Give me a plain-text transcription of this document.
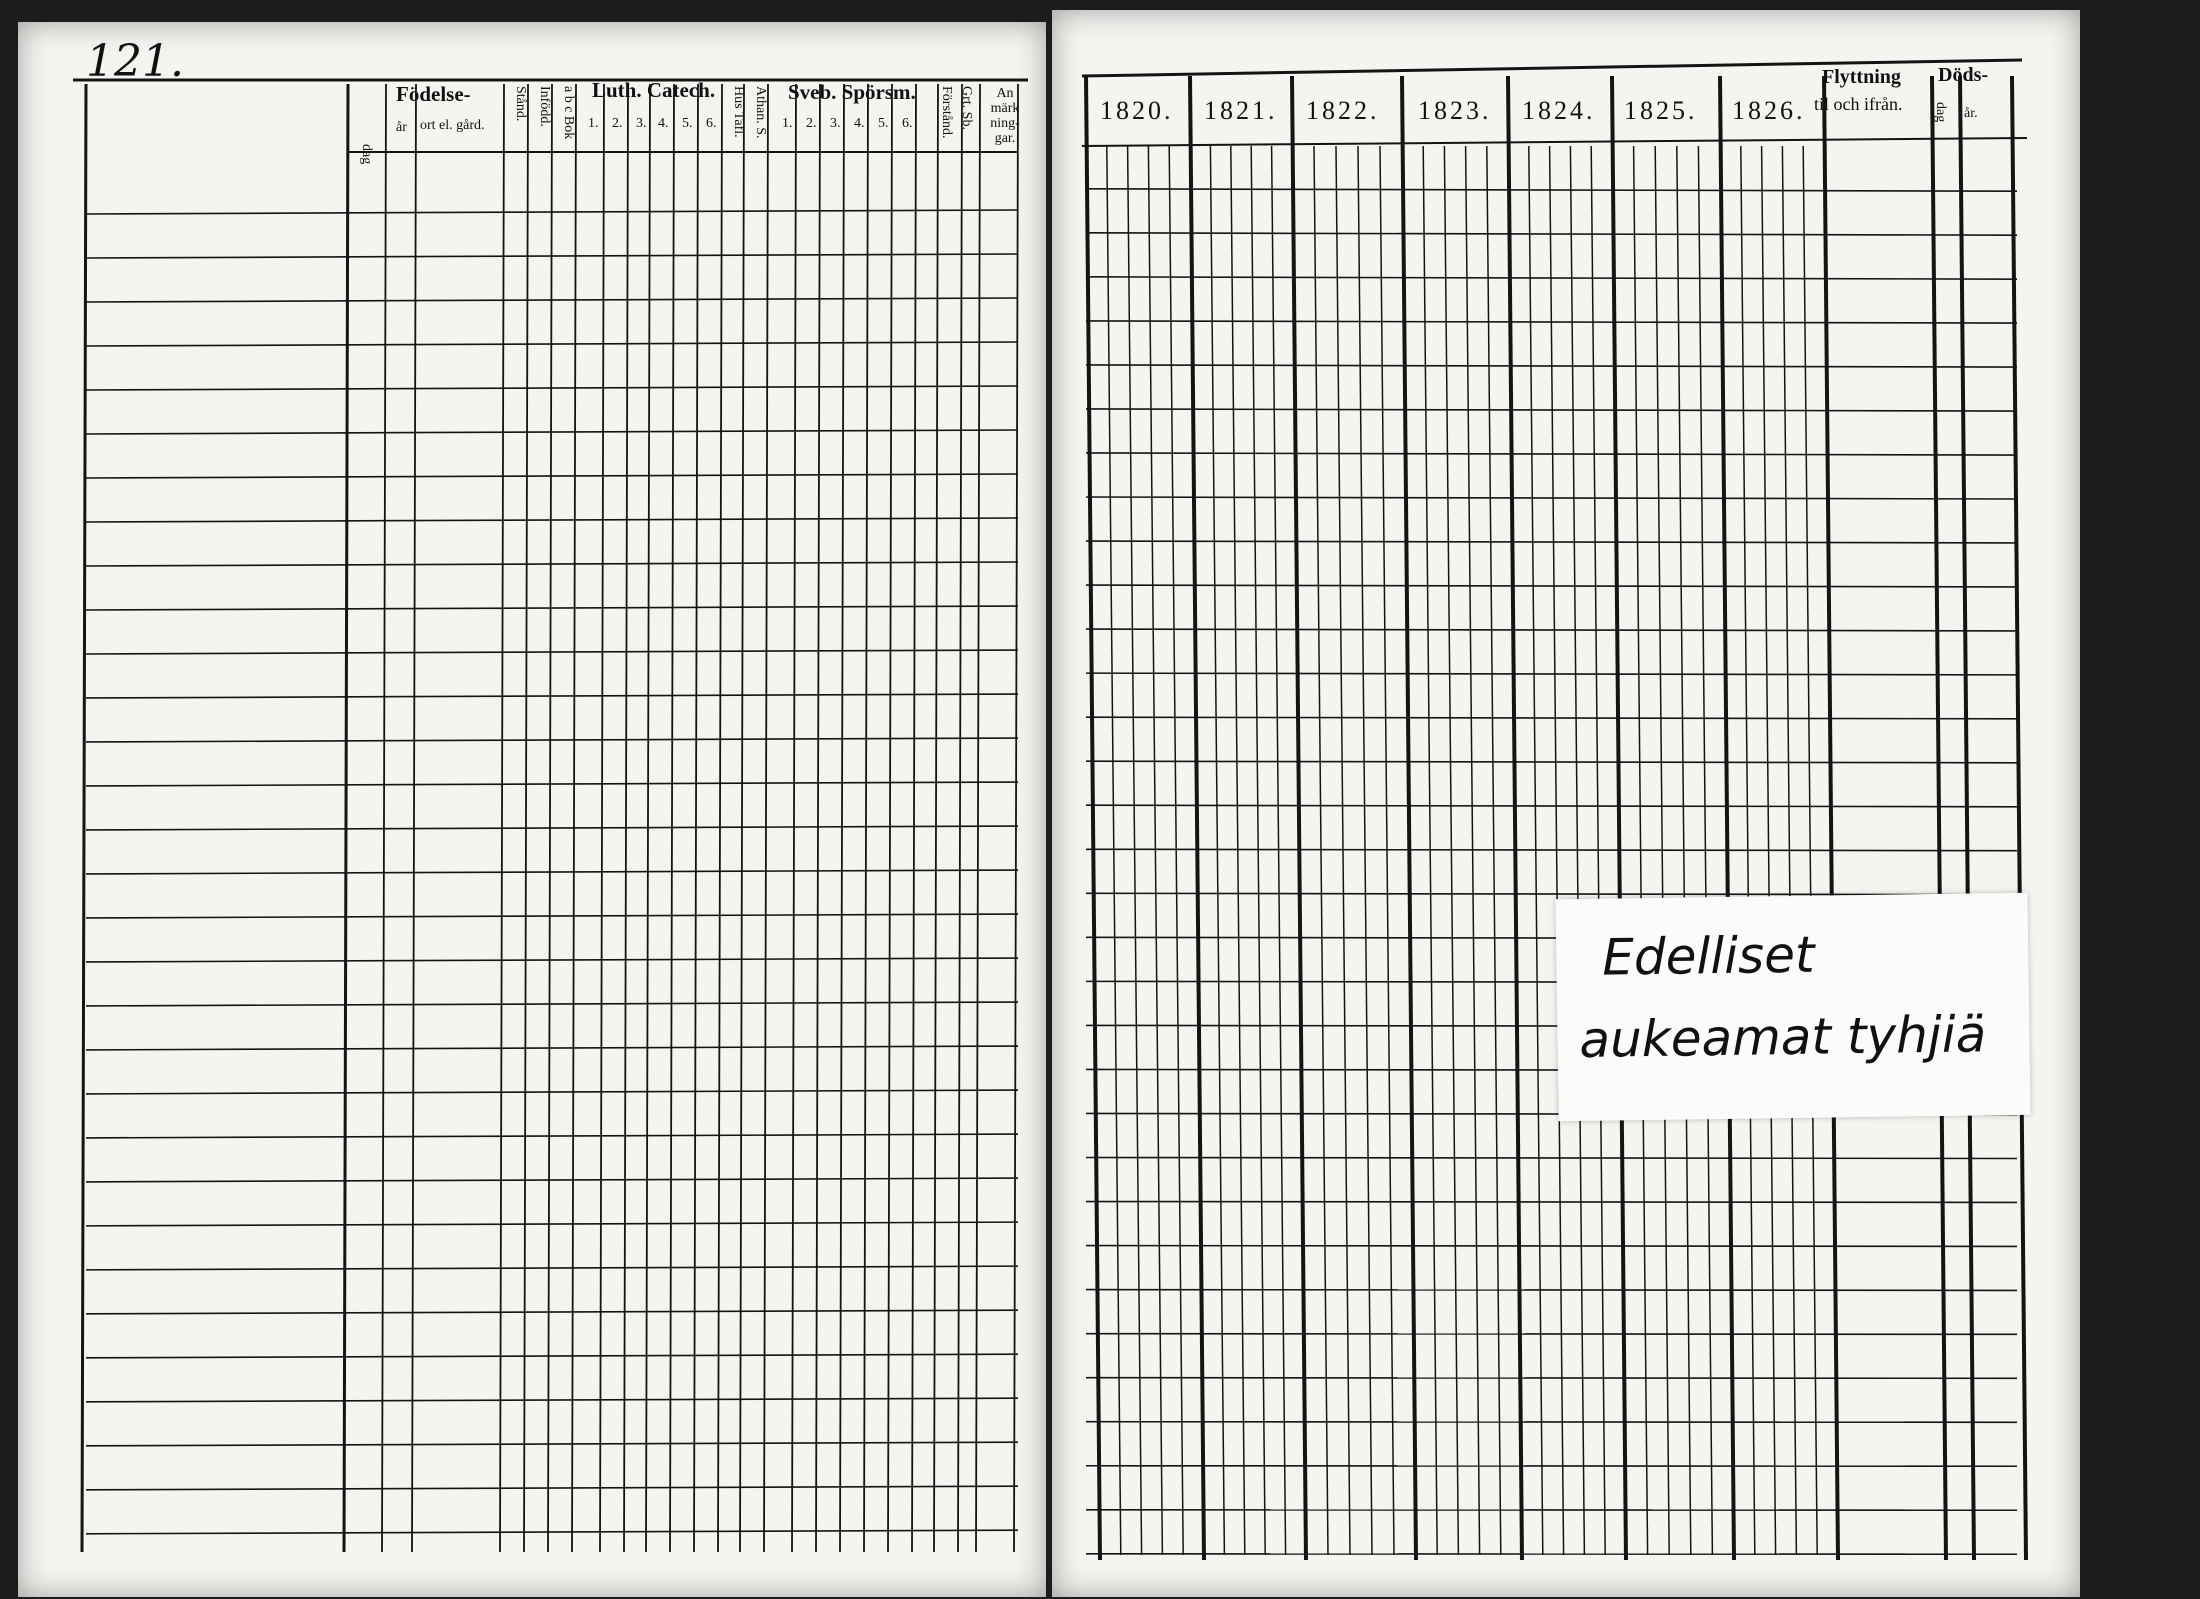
121.
Födelse-
dag
år ort el. gård.
Stånd. Infödd. a b c Bok Luth. Catech.
1. 2. 3. 4. 5. 6. Hus Tafl. Athan. S. Sveb. Spörsm.
1. 2. 3. 4. 5. 6. Förstånd. Grt. Sb.	An märk ning- gar.
1820. 1821. 1822. 1823. 1824. 1825. 1826.
Flyttning
til och ifrån.
Döds-
dag år.
Edelliset
aukeamat tyhjiä
